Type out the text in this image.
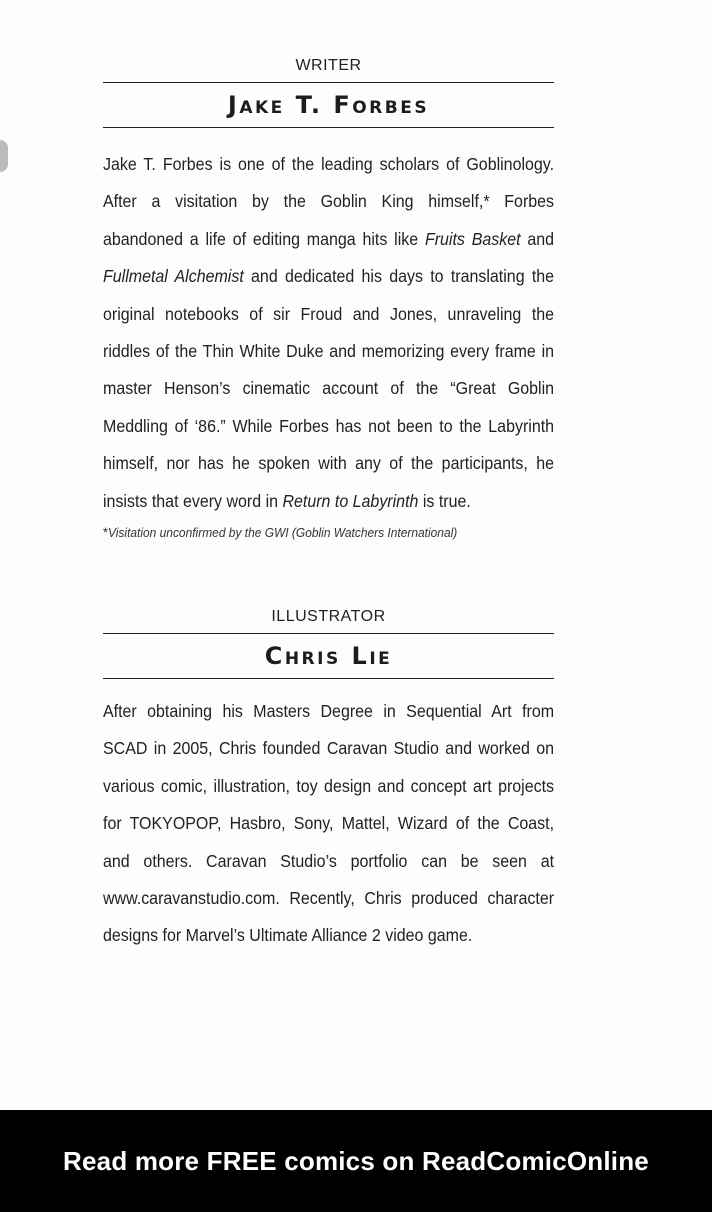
WRITER
Jake T. Forbes
Jake T. Forbes is one of the leading scholars of Goblinology. After a visitation by the Goblin King himself,* Forbes abandoned a life of editing manga hits like Fruits Basket and Fullmetal Alchemist and dedicated his days to translating the original notebooks of sir Froud and Jones, unraveling the riddles of the Thin White Duke and memorizing every frame in master Henson’s cinematic account of the “Great Goblin Meddling of ‘86.” While Forbes has not been to the Labyrinth himself, nor has he spoken with any of the participants, he insists that every word in Return to Labyrinth is true.
*Visitation unconfirmed by the GWI (Goblin Watchers International)
ILLUSTRATOR
Chris Lie
After obtaining his Masters Degree in Sequential Art from SCAD in 2005, Chris founded Caravan Studio and worked on various comic, illustration, toy design and concept art projects for TOKYOPOP, Hasbro, Sony, Mattel, Wizard of the Coast, and others. Caravan Studio’s portfolio can be seen at www.caravanstudio.com. Recently, Chris produced character designs for Marvel’s Ultimate Alliance 2 video game.
Read more FREE comics on ReadComicOnline
